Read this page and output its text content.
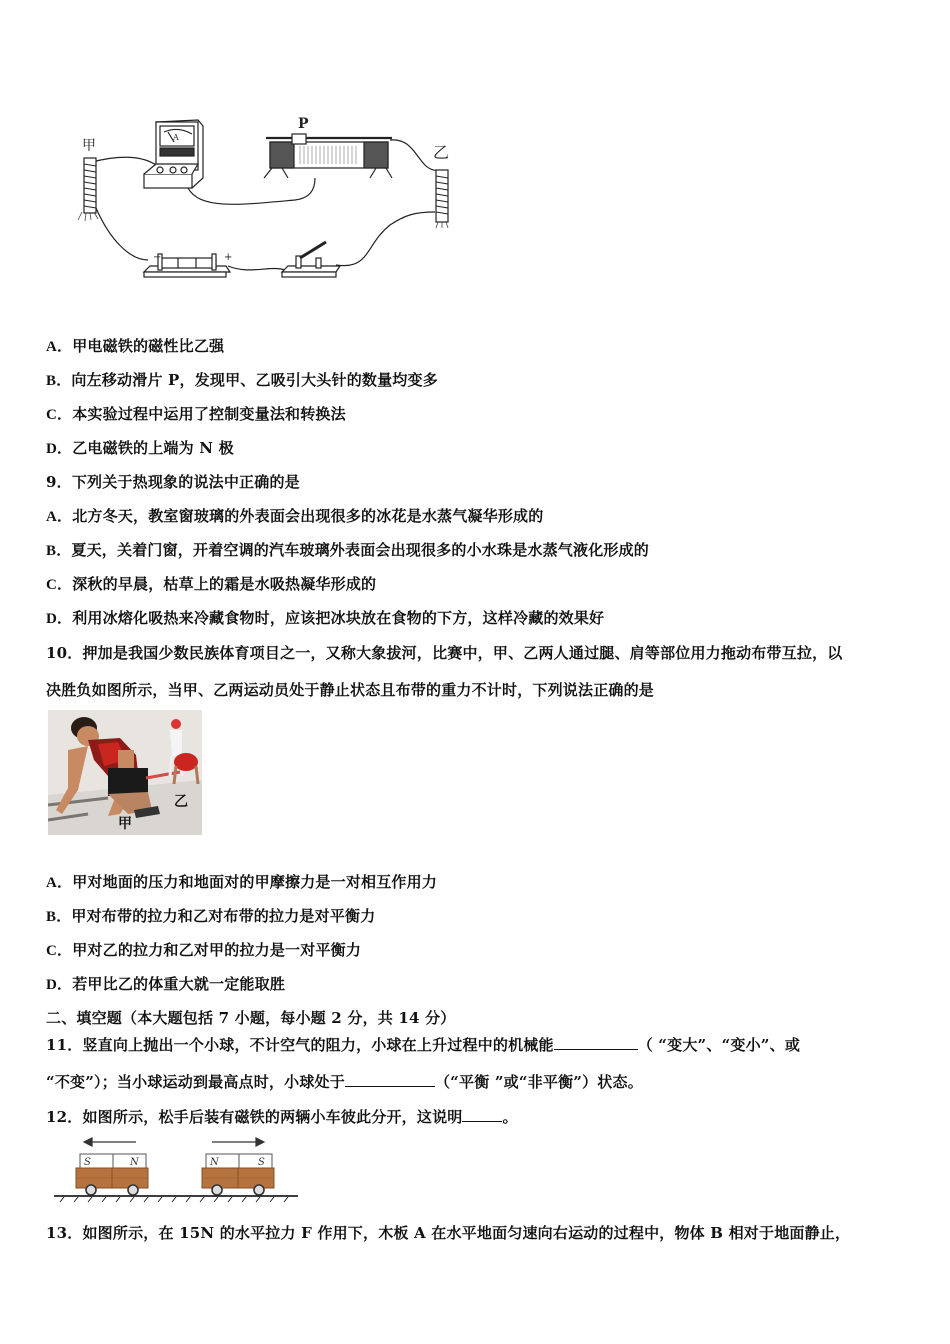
甲
A
P
乙
−	+
A．甲电磁铁的磁性比乙强
B．向左移动滑片 P，发现甲、乙吸引大头针的数量均变多
C．本实验过程中运用了控制变量法和转换法
D．乙电磁铁的上端为 N 极
9．下列关于热现象的说法中正确的是
A．北方冬天，教室窗玻璃的外表面会出现很多的冰花是水蒸气凝华形成的
B．夏天，关着门窗，开着空调的汽车玻璃外表面会出现很多的小水珠是水蒸气液化形成的
C．深秋的早晨，枯草上的霜是水吸热凝华形成的
D．利用冰熔化吸热来冷藏食物时，应该把冰块放在食物的下方，这样冷藏的效果好
10．押加是我国少数民族体育项目之一，又称大象拔河，比赛中，甲、乙两人通过腿、肩等部位用力拖动布带互拉，以
决胜负如图所示，当甲、乙两运动员处于静止状态且布带的重力不计时，下列说法正确的是
乙
甲
A．甲对地面的压力和地面对的甲摩擦力是一对相互作用力
B．甲对布带的拉力和乙对布带的拉力是对平衡力
C．甲对乙的拉力和乙对甲的拉力是一对平衡力
D．若甲比乙的体重大就一定能取胜
二、填空题（本大题包括 7 小题，每小题 2 分，共 14 分）
11．竖直向上抛出一个小球，不计空气的阻力，小球在上升过程中的机械能	（ “变大”、“变小”、或
“不变”）；当小球运动到最高点时，小球处于	（“平衡 ”或“非平衡”）状态。
12．如图所示，松手后装有磁铁的两辆小车彼此分开，这说明	。
S	N	N	S
13．如图所示，在 15N 的水平拉力 F 作用下，木板 A 在水平地面匀速向右运动的过程中，物体 B 相对于地面静止，
